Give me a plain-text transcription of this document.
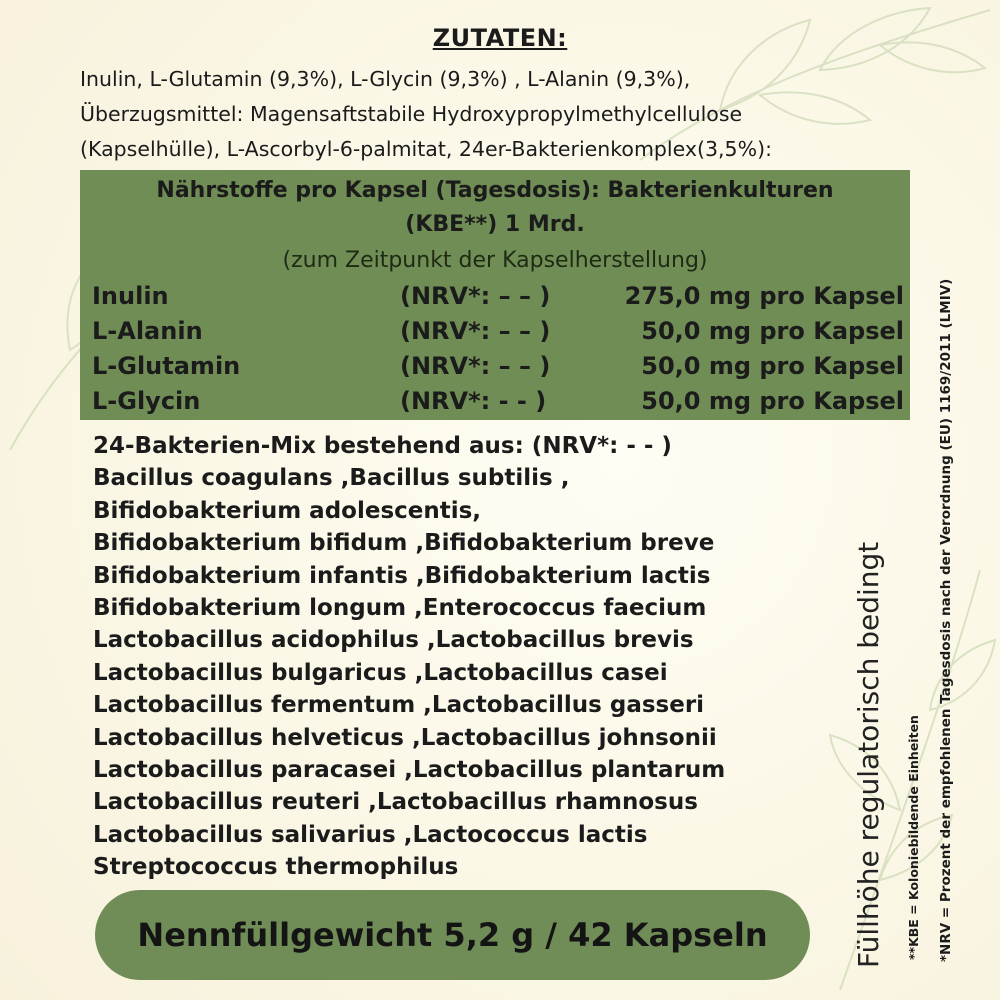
ZUTATEN:
Inulin, L-Glutamin (9,3%), L-Glycin (9,3%) , L-Alanin (9,3%),
Überzugsmittel: Magensaftstabile Hydroxypropylmethylcellulose
(Kapselhülle), L-Ascorbyl-6-palmitat, 24er-Bakterienkomplex(3,5%):
Nährstoffe pro Kapsel (Tagesdosis): Bakterienkulturen
(KBE**) 1 Mrd.
(zum Zeitpunkt der Kapselherstellung)
Inulin	(NRV*: – – )	275,0 mg pro Kapsel
L-Alanin	(NRV*: – – )	50,0 mg pro Kapsel
L-Glutamin	(NRV*: – – )	50,0 mg pro Kapsel
L-Glycin	(NRV*: - - )	50,0 mg pro Kapsel
24-Bakterien-Mix bestehend aus: (NRV*: - - )
Bacillus coagulans ,Bacillus subtilis ,
Bifidobakterium adolescentis,
Bifidobakterium bifidum ,Bifidobakterium breve
Bifidobakterium infantis ,Bifidobakterium lactis
Bifidobakterium longum ,Enterococcus faecium
Lactobacillus acidophilus ,Lactobacillus brevis
Lactobacillus bulgaricus ,Lactobacillus casei
Lactobacillus fermentum ,Lactobacillus gasseri
Lactobacillus helveticus ,Lactobacillus johnsonii
Lactobacillus paracasei ,Lactobacillus plantarum
Lactobacillus reuteri ,Lactobacillus rhamnosus
Lactobacillus salivarius ,Lactococcus lactis
Streptococcus thermophilus
Nennfüllgewicht 5,2 g / 42 Kapseln	Füllhöhe regulatorisch bedingt **KBE = Koloniebildende Einheiten *NRV = Prozent der empfohlenen Tagesdosis nach der Verordnung (EU) 1169/2011 (LMIV)
